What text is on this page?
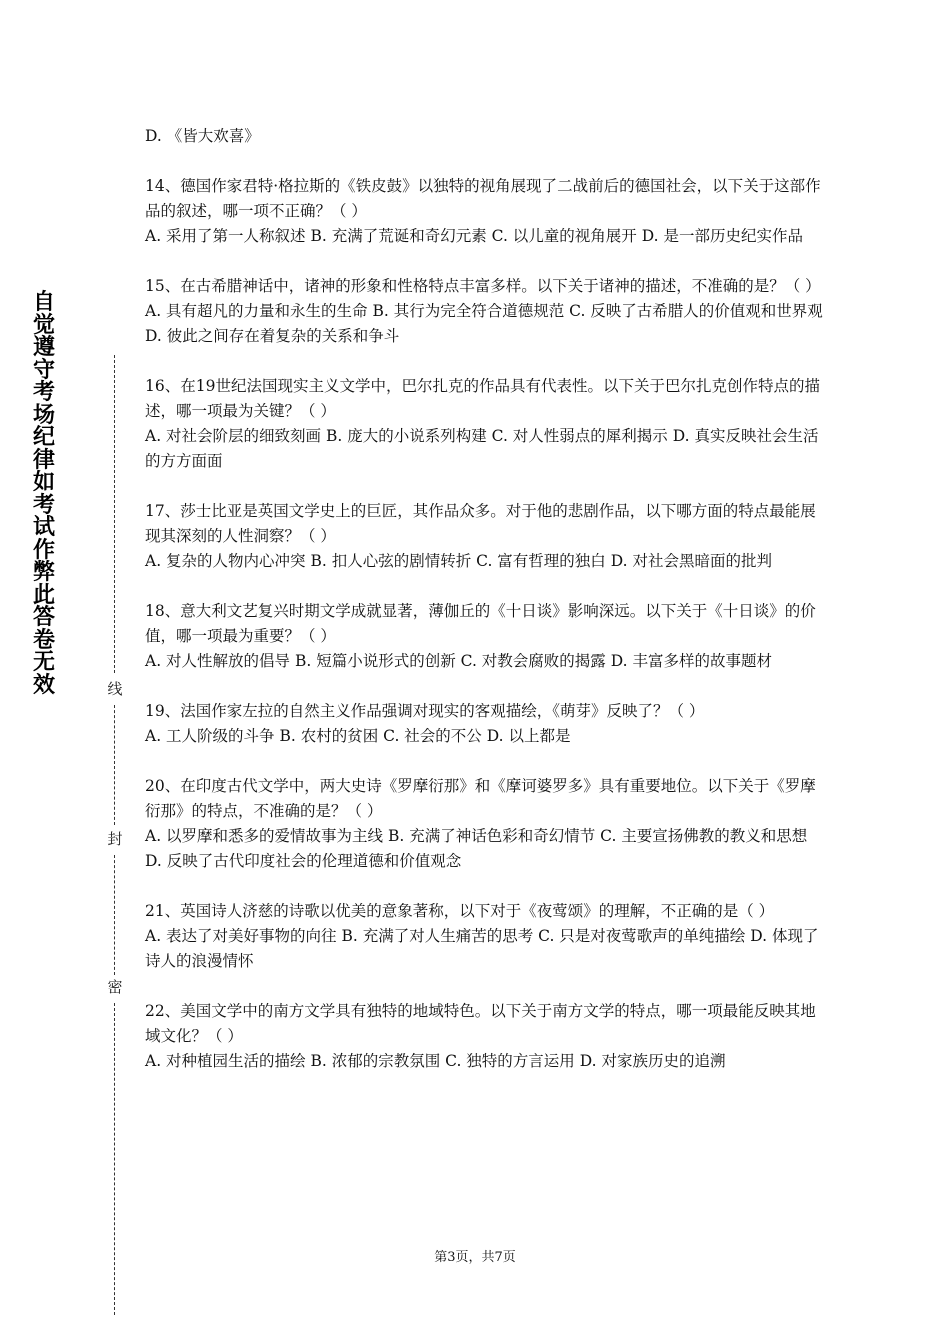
自觉遵守考场纪律如考试作弊此答卷无效	线
封
密

D. 《皆大欢喜》

14、德国作家君特·格拉斯的《铁皮鼓》以独特的视角展现了二战前后的德国社会，以下关于这部作品的叙述，哪一项不正确？（ ）

A. 采用了第一人称叙述 B. 充满了荒诞和奇幻元素 C. 以儿童的视角展开 D. 是一部历史纪实作品

15、在古希腊神话中，诸神的形象和性格特点丰富多样。以下关于诸神的描述，不准确的是？（ ）

A. 具有超凡的力量和永生的生命 B. 其行为完全符合道德规范 C. 反映了古希腊人的价值观和世界观 D. 彼此之间存在着复杂的关系和争斗

16、在19世纪法国现实主义文学中，巴尔扎克的作品具有代表性。以下关于巴尔扎克创作特点的描述，哪一项最为关键？（ ）

A. 对社会阶层的细致刻画 B. 庞大的小说系列构建 C. 对人性弱点的犀利揭示 D. 真实反映社会生活的方方面面

17、莎士比亚是英国文学史上的巨匠，其作品众多。对于他的悲剧作品，以下哪方面的特点最能展现其深刻的人性洞察？（ ）

A. 复杂的人物内心冲突 B. 扣人心弦的剧情转折 C. 富有哲理的独白 D. 对社会黑暗面的批判

18、意大利文艺复兴时期文学成就显著，薄伽丘的《十日谈》影响深远。以下关于《十日谈》的价值，哪一项最为重要？（ ）

A. 对人性解放的倡导 B. 短篇小说形式的创新 C. 对教会腐败的揭露 D. 丰富多样的故事题材

19、法国作家左拉的自然主义作品强调对现实的客观描绘，《萌芽》反映了？（ ）

A. 工人阶级的斗争 B. 农村的贫困 C. 社会的不公 D. 以上都是

20、在印度古代文学中，两大史诗《罗摩衍那》和《摩诃婆罗多》具有重要地位。以下关于《罗摩衍那》的特点，不准确的是？（ ）

A. 以罗摩和悉多的爱情故事为主线 B. 充满了神话色彩和奇幻情节 C. 主要宣扬佛教的教义和思想 D. 反映了古代印度社会的伦理道德和价值观念

21、英国诗人济慈的诗歌以优美的意象著称，以下对于《夜莺颂》的理解，不正确的是（ ）

A. 表达了对美好事物的向往 B. 充满了对人生痛苦的思考 C. 只是对夜莺歌声的单纯描绘 D. 体现了诗人的浪漫情怀

22、美国文学中的南方文学具有独特的地域特色。以下关于南方文学的特点，哪一项最能反映其地域文化？（ ）

A. 对种植园生活的描绘 B. 浓郁的宗教氛围 C. 独特的方言运用 D. 对家族历史的追溯

第3页，共7页
